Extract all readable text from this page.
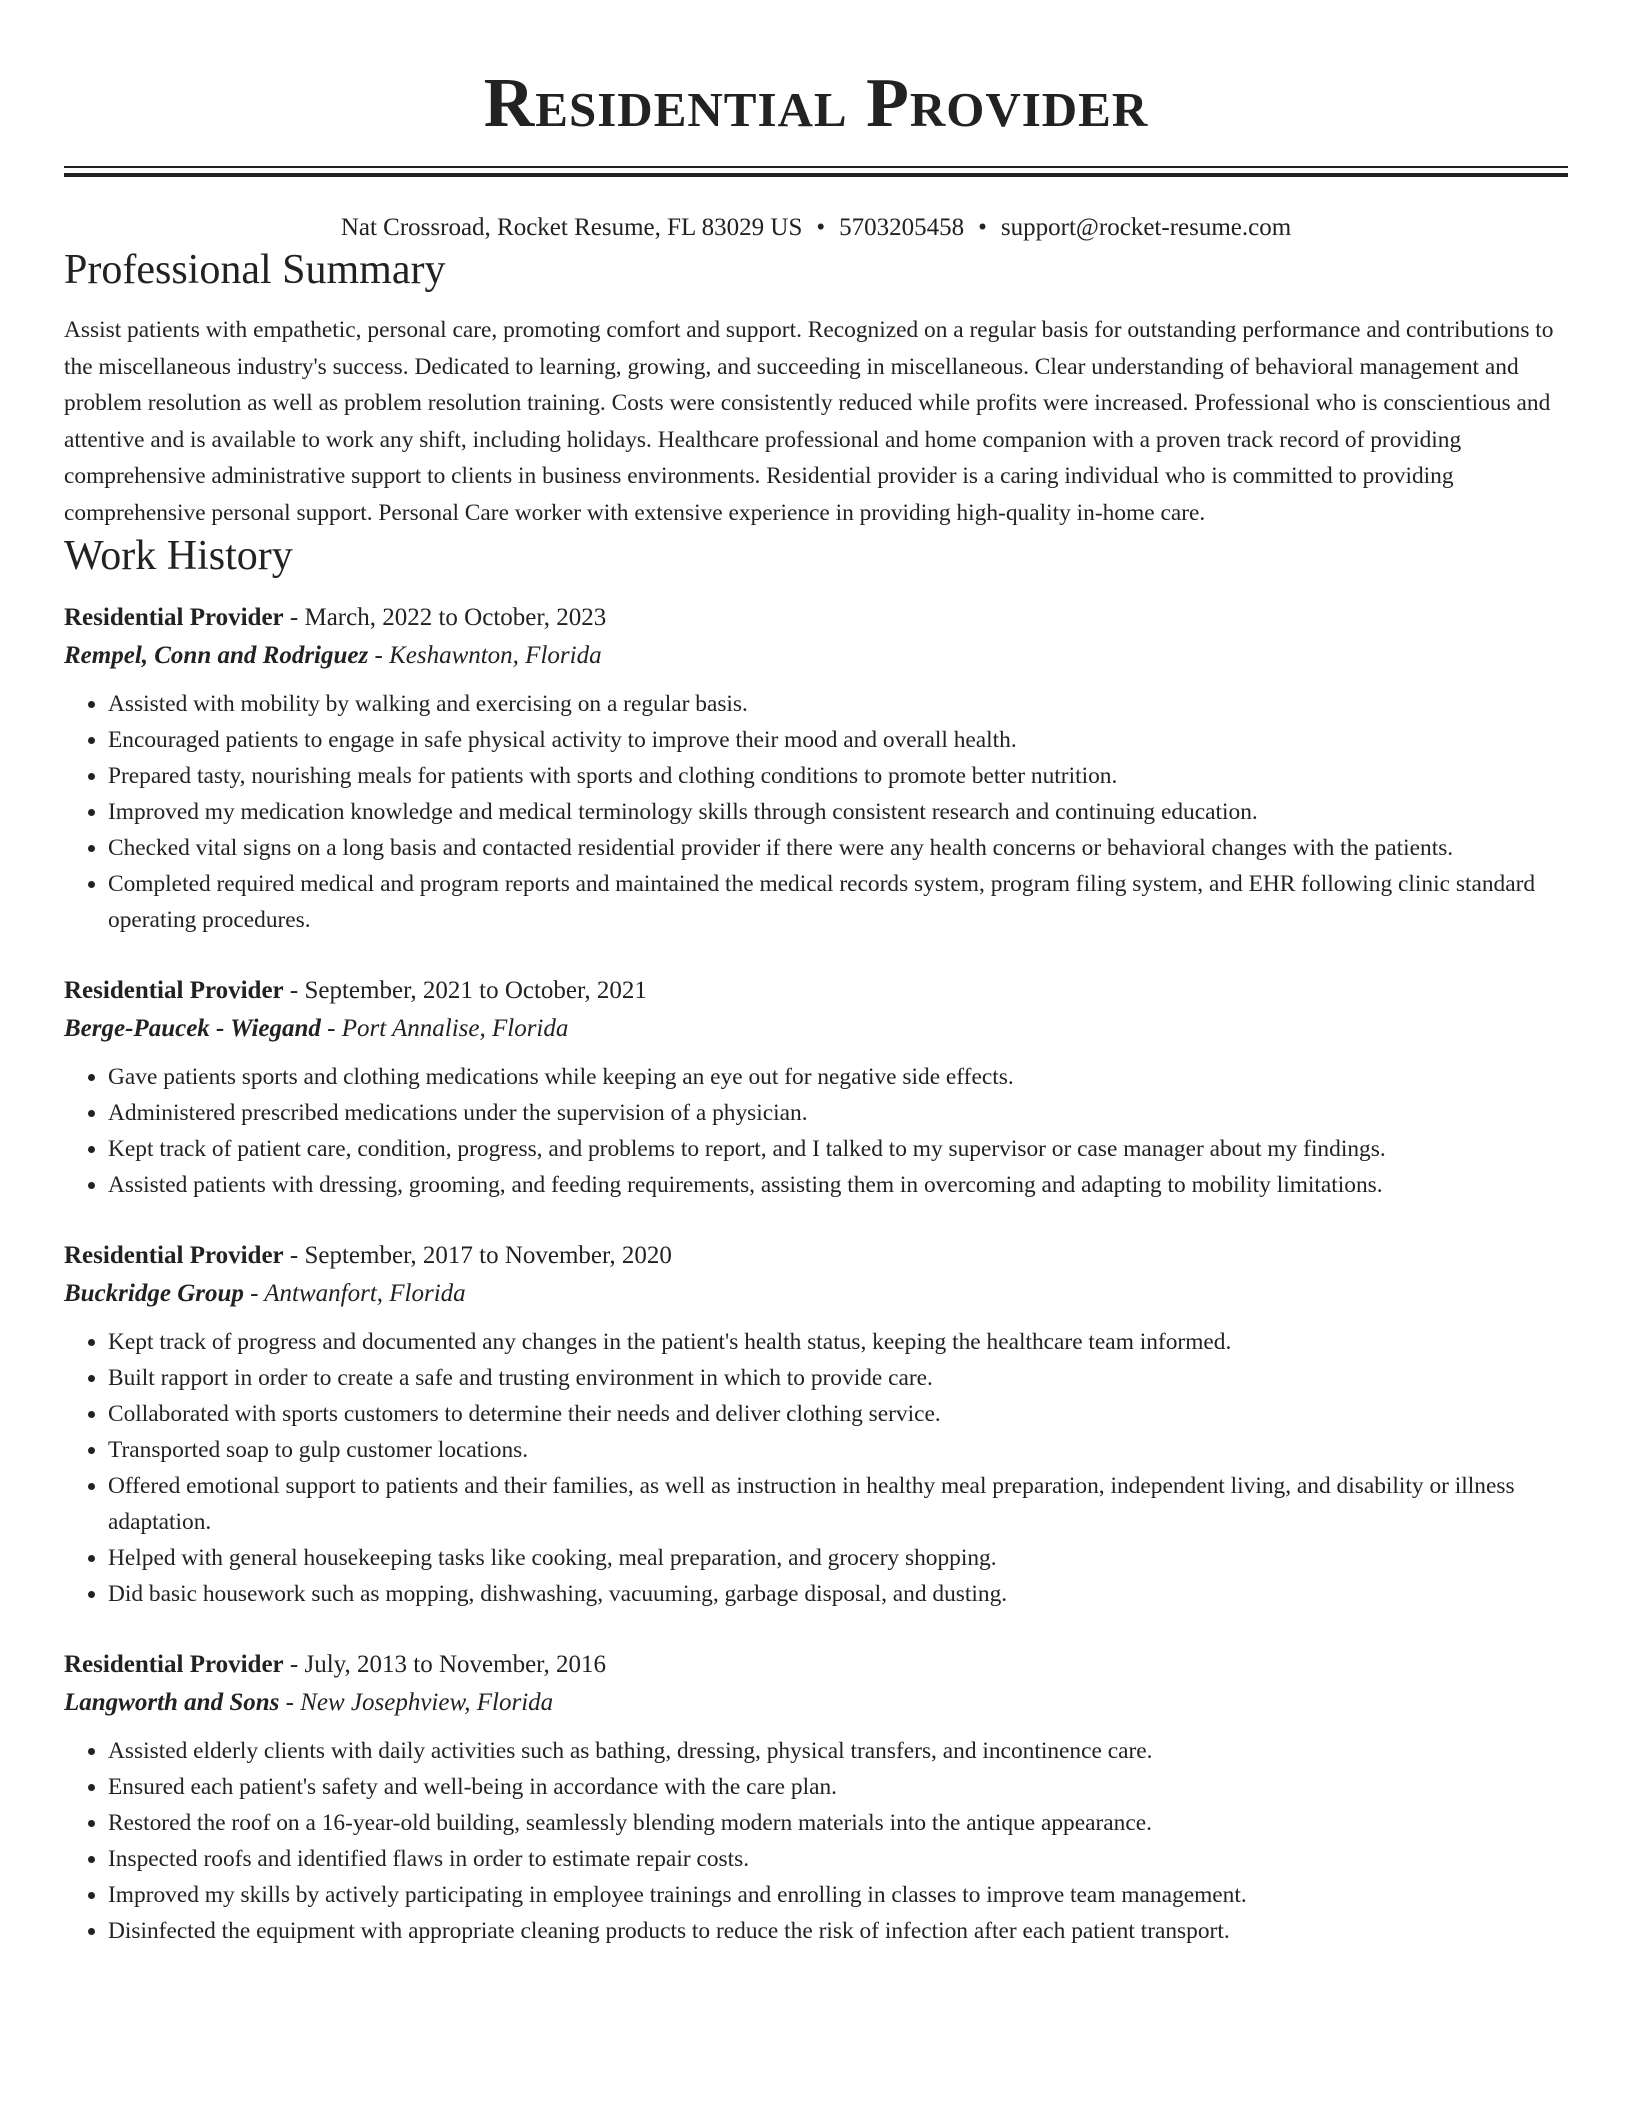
Residential Provider
Nat Crossroad, Rocket Resume, FL 83029 US • 5703205458 • support@rocket-resume.com
Professional Summary

Assist patients with empathetic, personal care, promoting comfort and support. Recognized on a regular basis for outstanding performance and contributions to the miscellaneous industry's success. Dedicated to learning, growing, and succeeding in miscellaneous. Clear understanding of behavioral management and problem resolution as well as problem resolution training. Costs were consistently reduced while profits were increased. Professional who is conscientious and attentive and is available to work any shift, including holidays. Healthcare professional and home companion with a proven track record of providing comprehensive administrative support to clients in business environments. Residential provider is a caring individual who is committed to providing comprehensive personal support. Personal Care worker with extensive experience in providing high-quality in-home care.

Work History
Residential Provider - March, 2022 to October, 2023
Rempel, Conn and Rodriguez - Keshawnton, Florida
• Assisted with mobility by walking and exercising on a regular basis.
• Encouraged patients to engage in safe physical activity to improve their mood and overall health.
• Prepared tasty, nourishing meals for patients with sports and clothing conditions to promote better nutrition.
• Improved my medication knowledge and medical terminology skills through consistent research and continuing education.
• Checked vital signs on a long basis and contacted residential provider if there were any health concerns or behavioral changes with the patients.
• Completed required medical and program reports and maintained the medical records system, program filing system, and EHR following clinic standard operating procedures.
Residential Provider - September, 2021 to October, 2021
Berge-Paucek - Wiegand - Port Annalise, Florida
• Gave patients sports and clothing medications while keeping an eye out for negative side effects.
• Administered prescribed medications under the supervision of a physician.
• Kept track of patient care, condition, progress, and problems to report, and I talked to my supervisor or case manager about my findings.
• Assisted patients with dressing, grooming, and feeding requirements, assisting them in overcoming and adapting to mobility limitations.
Residential Provider - September, 2017 to November, 2020
Buckridge Group - Antwanfort, Florida
• Kept track of progress and documented any changes in the patient's health status, keeping the healthcare team informed.
• Built rapport in order to create a safe and trusting environment in which to provide care.
• Collaborated with sports customers to determine their needs and deliver clothing service.
• Transported soap to gulp customer locations.
• Offered emotional support to patients and their families, as well as instruction in healthy meal preparation, independent living, and disability or illness adaptation.
• Helped with general housekeeping tasks like cooking, meal preparation, and grocery shopping.
• Did basic housework such as mopping, dishwashing, vacuuming, garbage disposal, and dusting.
Residential Provider - July, 2013 to November, 2016
Langworth and Sons - New Josephview, Florida
• Assisted elderly clients with daily activities such as bathing, dressing, physical transfers, and incontinence care.
• Ensured each patient's safety and well-being in accordance with the care plan.
• Restored the roof on a 16-year-old building, seamlessly blending modern materials into the antique appearance.
• Inspected roofs and identified flaws in order to estimate repair costs.
• Improved my skills by actively participating in employee trainings and enrolling in classes to improve team management.
• Disinfected the equipment with appropriate cleaning products to reduce the risk of infection after each patient transport.
